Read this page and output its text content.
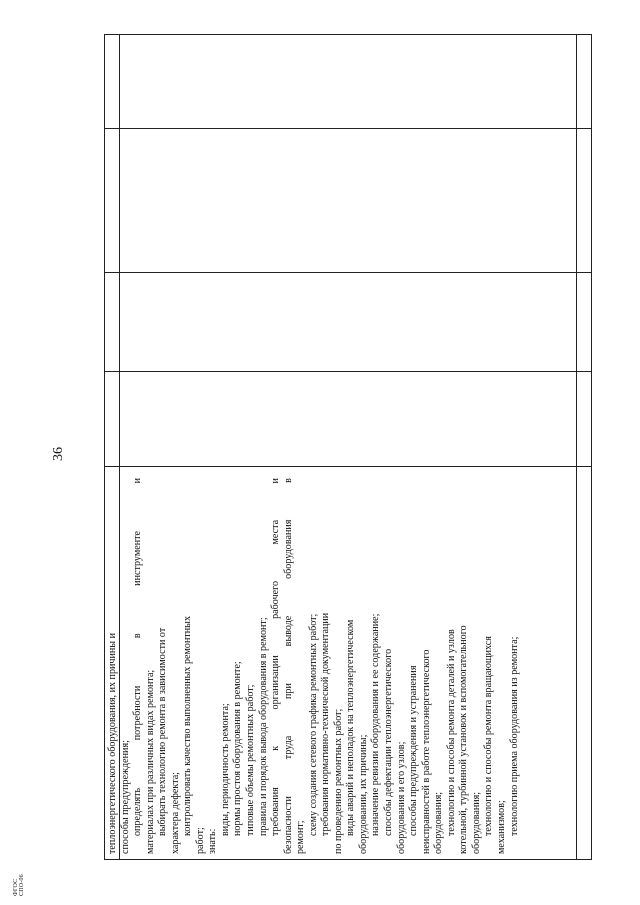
36
ФГОС СПО-06
теплоэнергетического оборудования, их причины и способы предупреждения; определять
потребности
в
инструменте
и
материалах при различных видах ремонта; выбирать технологию ремонта в зависимости от характера дефекта; контролировать качество выполненных ремонтных
работ; знать:
виды, периодичность ремонта; нормы простоя оборудования в ремонте; типовые объемы ремонтных работ; правила и порядок вывода оборудования в ремонт; требования
к
организации
рабочего
места
и
безопасности
труда
при
выводе
оборудования
в
ремонт;
схему создания сетевого графика ремонтных работ; требования нормативно-технической документации по проведению ремонтных работ; виды аварий и неполадок на теплоэнергетическом оборудовании, их причины; назначение ревизии оборудования и ее содержание; способы дефектации теплоэнергетического оборудования и его узлов; способы предупреждения и устранения неисправностей в работе теплоэнергетического оборудования; технологию и способы ремонта деталей и узлов котельной, турбинной установок и вспомогательного оборудования; технологию и способы ремонта вращающихся механизмов; технологию приема оборудования из ремонта;
